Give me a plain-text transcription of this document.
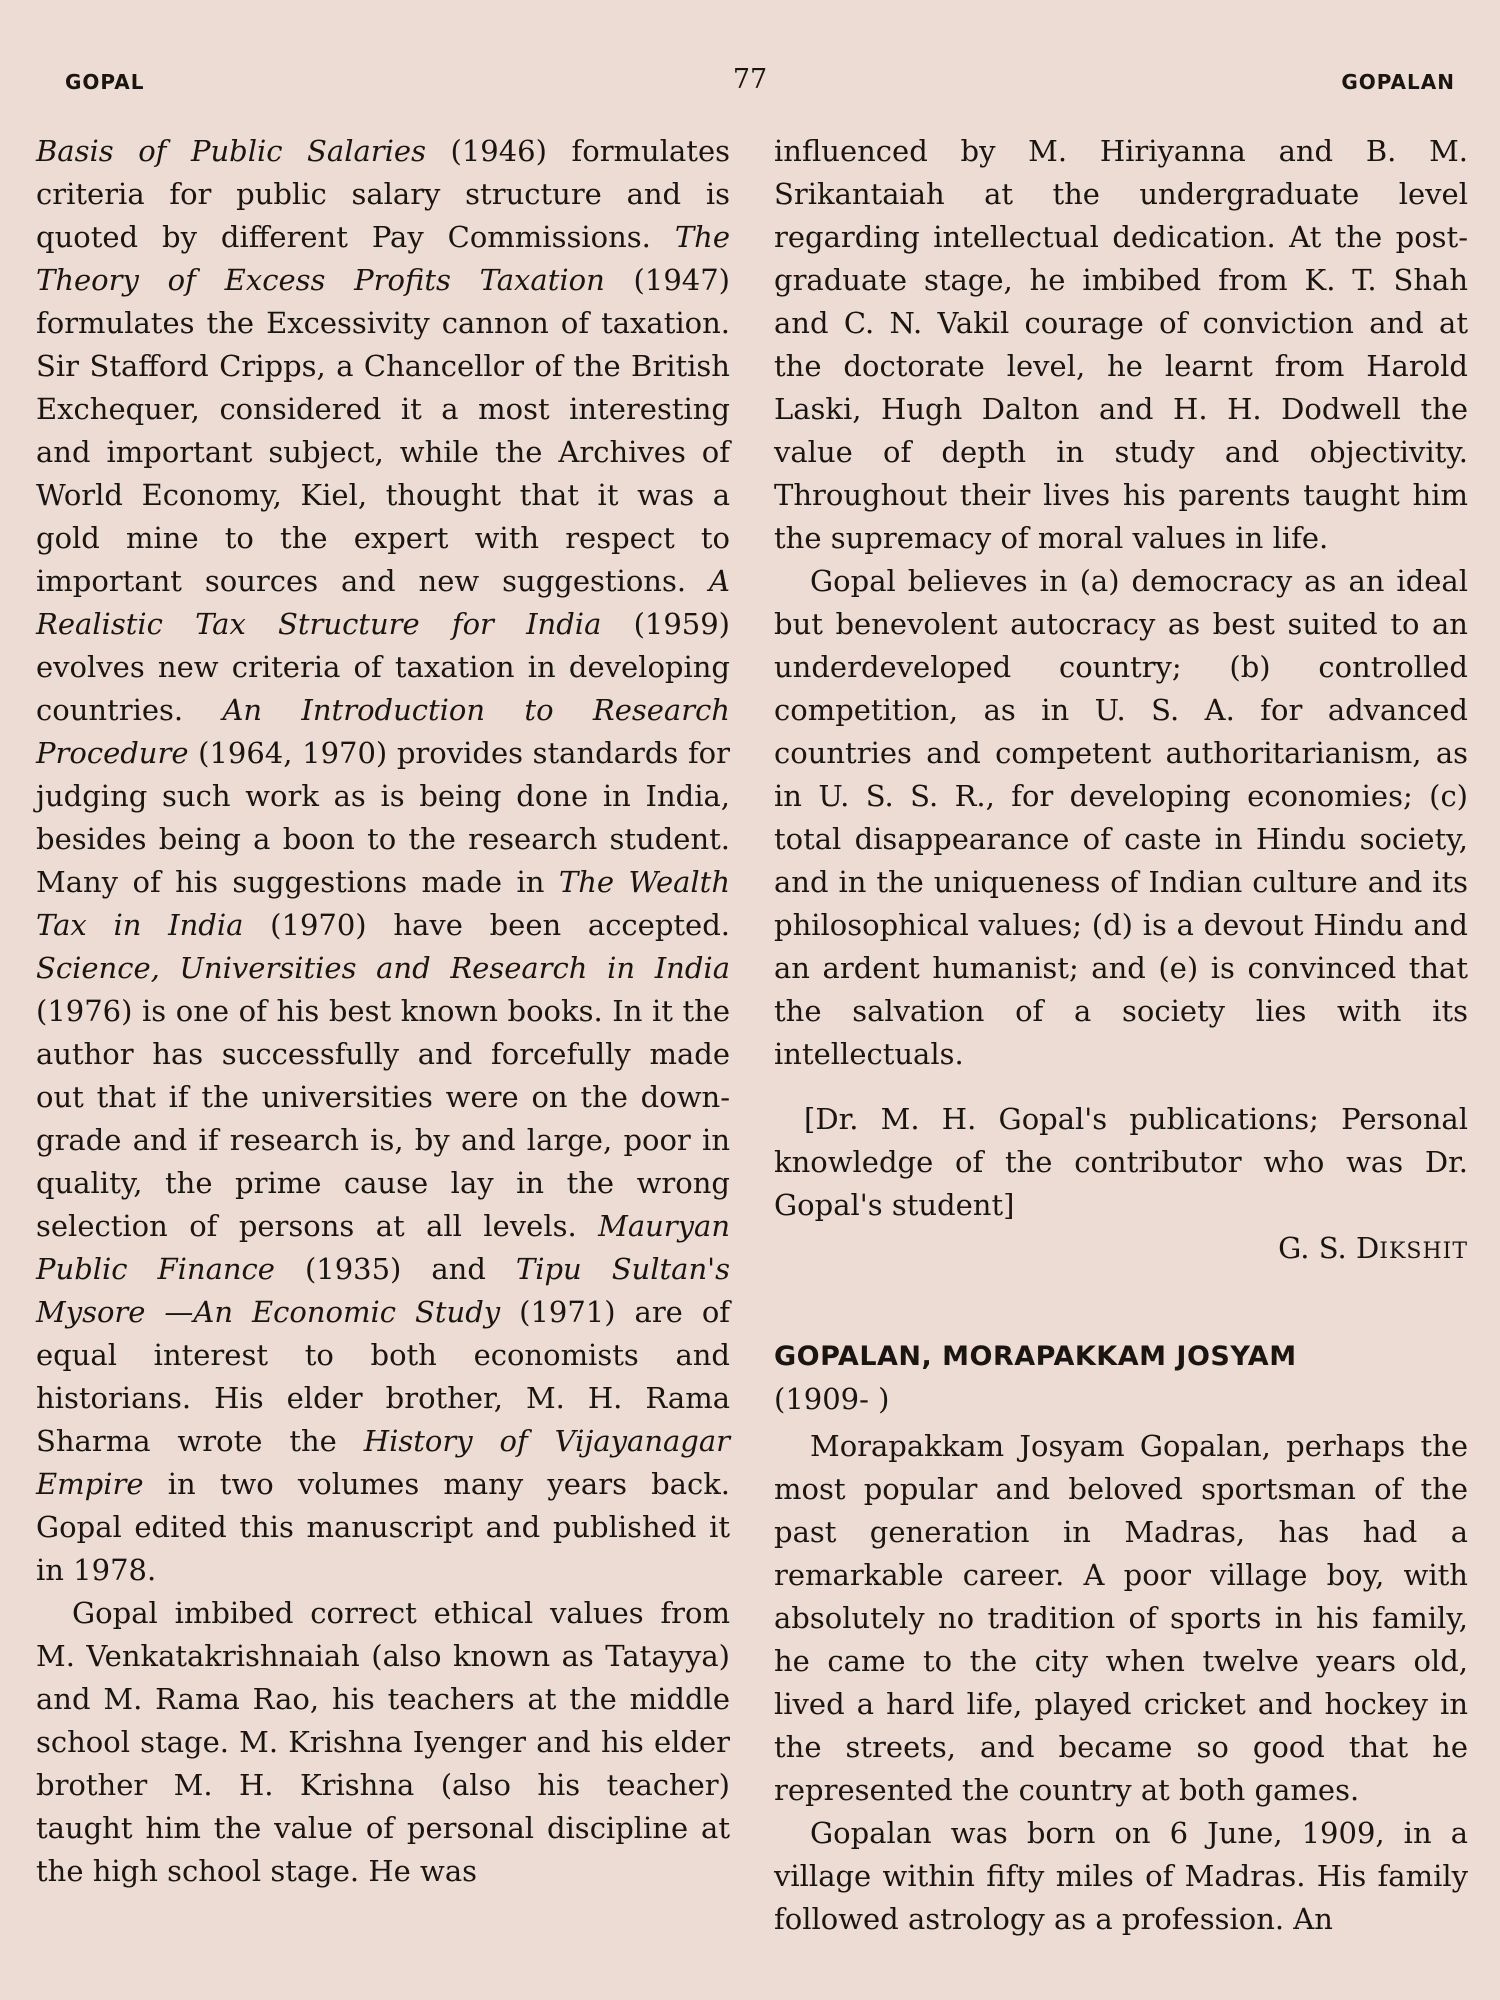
GOPAL	77	GOPALAN

Basis of Public Salaries (1946) formulates criteria for public salary structure and is quoted by different Pay Commissions. The Theory of Excess Profits Taxation (1947) formulates the Excessivity cannon of taxation. Sir Stafford Cripps, a Chancellor of the British Exchequer, considered it a most interesting and important subject, while the Archives of World Economy, Kiel, thought that it was a gold mine to the expert with respect to important sources and new suggestions. A Realistic Tax Structure for India (1959) evolves new criteria of taxation in developing countries. An Introduction to Research Procedure (1964, 1970) provides standards for judging such work as is being done in India, besides being a boon to the research student. Many of his suggestions made in The Wealth Tax in India (1970) have been accepted. Science, Universities and Research in India (1976) is one of his best known books. In it the author has successfully and forcefully made out that if the universities were on the down-grade and if research is, by and large, poor in quality, the prime cause lay in the wrong selection of persons at all levels. Mauryan Public Finance (1935) and Tipu Sultan's Mysore —An Economic Study (1971) are of equal interest to both economists and historians. His elder brother, M. H. Rama Sharma wrote the History of Vijayanagar Empire in two volumes many years back. Gopal edited this manuscript and published it in 1978.

Gopal imbibed correct ethical values from M. Venkatakrishnaiah (also known as Tatayya) and M. Rama Rao, his teachers at the middle school stage. M. Krishna Iyenger and his elder brother M. H. Krishna (also his teacher) taught him the value of personal discipline at the high school stage. He was

influenced by M. Hiriyanna and B. M. Srikantaiah at the undergraduate level regarding intellectual dedication. At the post-graduate stage, he imbibed from K. T. Shah and C. N. Vakil courage of conviction and at the doctorate level, he learnt from Harold Laski, Hugh Dalton and H. H. Dodwell the value of depth in study and objectivity. Throughout their lives his parents taught him the supremacy of moral values in life.

Gopal believes in (a) democracy as an ideal but benevolent autocracy as best suited to an underdeveloped country; (b) controlled competition, as in U. S. A. for advanced countries and competent authoritarianism, as in U. S. S. R., for developing economies; (c) total disappearance of caste in Hindu society, and in the uniqueness of Indian culture and its philosophical values; (d) is a devout Hindu and an ardent humanist; and (e) is convinced that the salvation of a society lies with its intellectuals.

[Dr. M. H. Gopal's publications; Personal knowledge of the contributor who was Dr. Gopal's student]

G. S. DIKSHIT

GOPALAN, MORAPAKKAM JOSYAM

(1909- )

Morapakkam Josyam Gopalan, perhaps the most popular and beloved sportsman of the past generation in Madras, has had a remarkable career. A poor village boy, with absolutely no tradition of sports in his family, he came to the city when twelve years old, lived a hard life, played cricket and hockey in the streets, and became so good that he represented the country at both games.

Gopalan was born on 6 June, 1909, in a village within fifty miles of Madras. His family followed astrology as a profession. An
